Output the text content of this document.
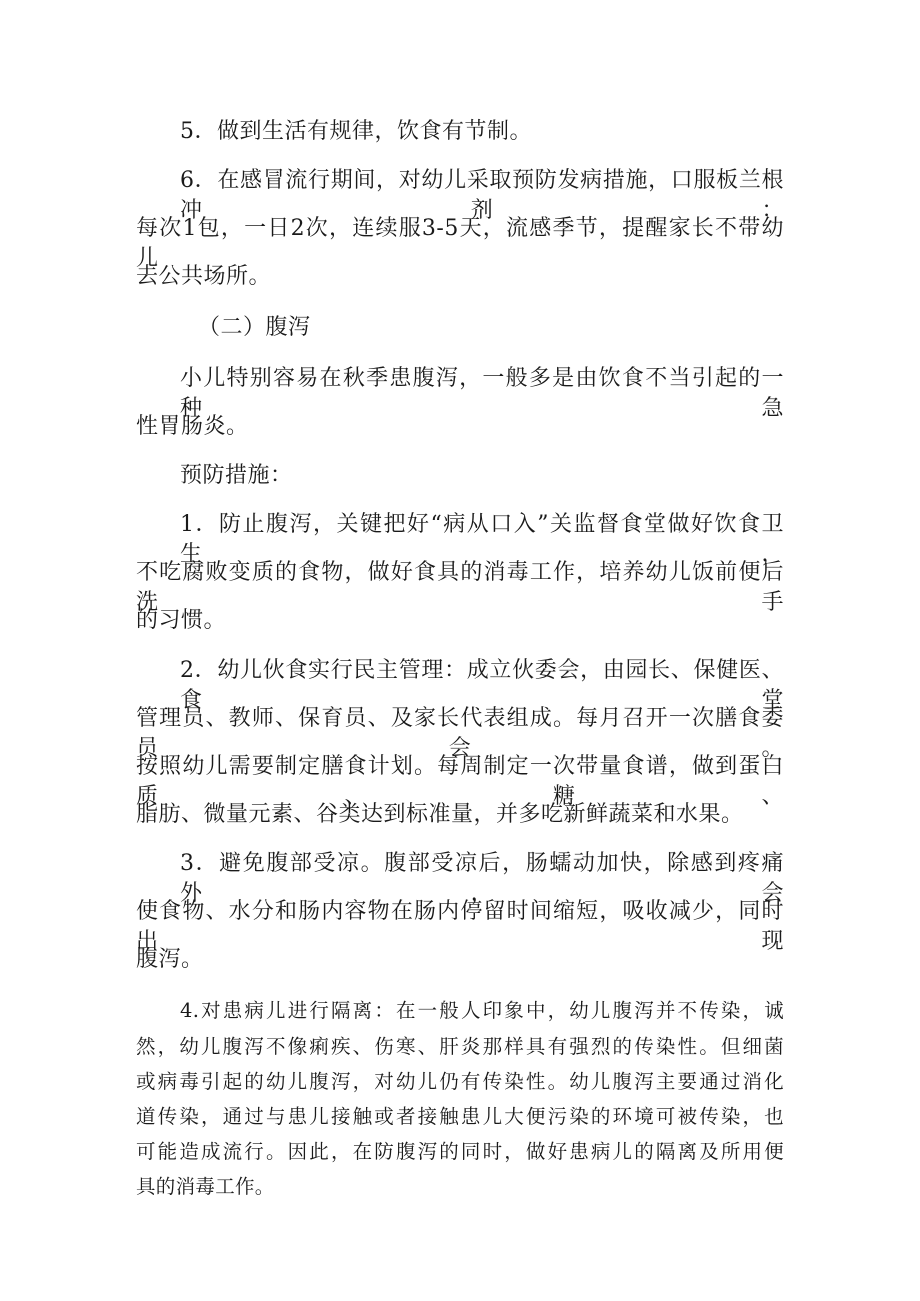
5．做到生活有规律，饮食有节制。
6．在感冒流行期间，对幼儿采取预防发病措施，口服板兰根冲剂：
每次1包，一日2次，连续服3-5天，流感季节，提醒家长不带幼儿
去公共场所。
（二）腹泻
小儿特别容易在秋季患腹泻，一般多是由饮食不当引起的一种急
性胃肠炎。
预防措施：
1．防止腹泻，关键把好“病从口入”关监督食堂做好饮食卫生，
不吃腐败变质的食物，做好食具的消毒工作，培养幼儿饭前便后洗手
的习惯。
2．幼儿伙食实行民主管理：成立伙委会，由园长、保健医、食堂
管理员、教师、保育员、及家长代表组成。每月召开一次膳食委员会。
按照幼儿需要制定膳食计划。每周制定一次带量食谱，做到蛋白质、糖、
脂肪、微量元素、谷类达到标准量，并多吃新鲜蔬菜和水果。
3．避免腹部受凉。腹部受凉后，肠蠕动加快，除感到疼痛外，会
使食物、水分和肠内容物在肠内停留时间缩短，吸收减少，同时出现
腹泻。
4.对患病儿进行隔离：在一般人印象中，幼儿腹泻并不传染，诚
然，幼儿腹泻不像痢疾、伤寒、肝炎那样具有强烈的传染性。但细菌
或病毒引起的幼儿腹泻，对幼儿仍有传染性。幼儿腹泻主要通过消化
道传染，通过与患儿接触或者接触患儿大便污染的环境可被传染，也
可能造成流行。因此，在防腹泻的同时，做好患病儿的隔离及所用便
具的消毒工作。
